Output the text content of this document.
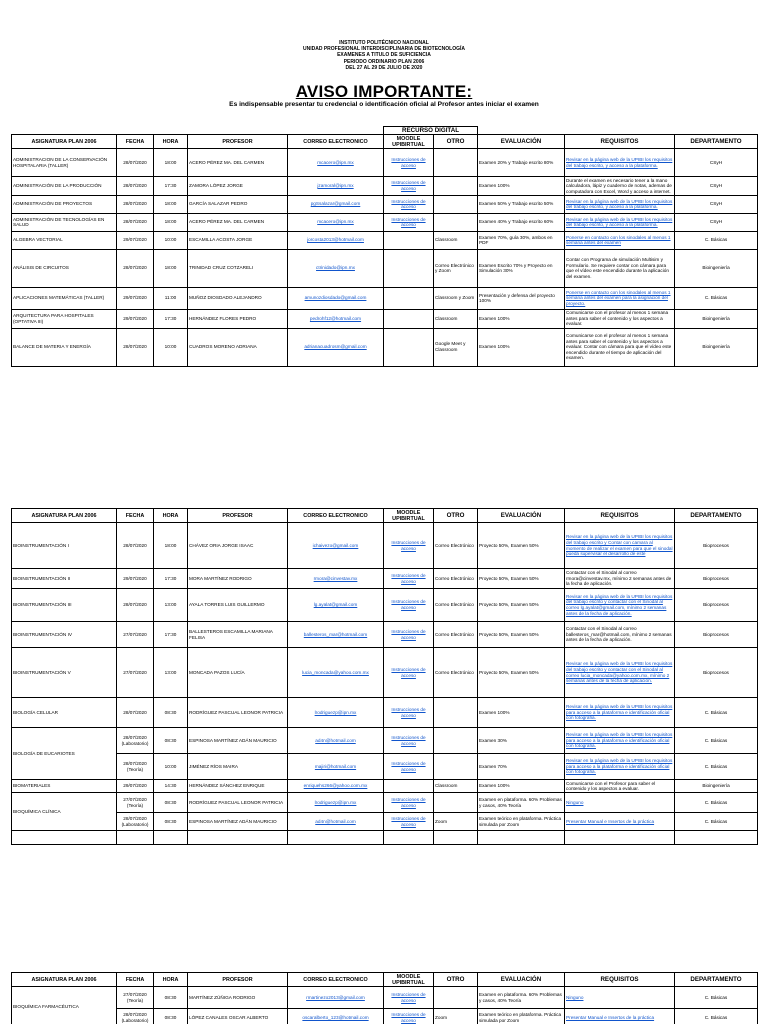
INSTITUTO POLITÉCNICO NACIONAL
UNIDAD PROFESIONAL INTERDISCIPLINARIA DE BIOTECNOLOGÍA
EXAMENES A TITULO DE SUFICIENCIA
PERIODO ORDINARIO PLAN 2006
DEL 27 AL 29 DE JULIO DE 2020
AVISO IMPORTANTE:
Es indispensable presentar tu credencial o identificación oficial al Profesor antes iniciar el examen
					RECURSO DIGITAL				
ASIGNATURA PLAN 2006	FECHA	HORA	PROFESOR	CORREO ELECTRONICO	MOODLE UPIBIRTUAL	OTRO	EVALUACIÓN	REQUISITOS	DEPARTAMENTO
ADMINISTRACION DE LA CONSERVACIÓN HOSPITALARIA (TALLER)	28/07/2020	18:00	ACERO PÉREZ MA. DEL CARMEN	mcacero@ipn.mx	Instrucciones de acceso		Examen 20% y Trabajo escrito 80%	Revisar en la página web de la UPIBI los requisitos del trabajo escrito, y acceso a la plataforma.	CSyH
ADMINISTRACIÓN DE LA PRODUCCIÓN	28/07/2020	17:30	ZAMORA LÓPEZ JORGE	jzamoral@ipn.mx	Instrucciones de acceso		Examen 100%	Durante el examen es necesario tener a la mano calculadora, lápiz y cuaderno de notas, ademas de computadora con Excel, Word y acceso a internet.	CSyH
ADMINISTRACIÓN DE PROYECTOS	28/07/2020	18:00	GARCÍA SALAZAR PEDRO	pgSsalazar@gmail.com	Instrucciones de acceso		Examen 50% y Trabajo escrito 50%	Revisar en la página web de la UPIBI los requisitos del trabajo escrito, y acceso a la plataforma.	CSyH
ADMINISTRACIÓN DE TECNOLOGÍAS EN SALUD	28/07/2020	18:00	ACERO PÉREZ MA. DEL CARMEN	mcacero@ipn.mx	Instrucciones de acceso		Examen 40% y Trabajo escrito 60%	Revisar en la página web de la UPIBI los requisitos del trabajo escrito, y acceso a la plataforma.	CSyH
ALGEBRA VECTORIAL	29/07/2020	10:00	ESCAMILLA ACOSTA JORGE	jorcosta2013@hotmail.com		Classroom	Examen 70%, guía 30%, ambos en PDF	Ponerse en contacto con los sinodales al menos 1 semana antes del examen	C. Básicas
ANÁLISIS DE CIRCUITOS	28/07/2020	18:00	TRINIDAD CRUZ COTZARELI	ctrinidado@ipn.mx		Correo Electrónico y Zoom	Examen Escrito 70% y Proyecto en Simulación 30%	Contar con Programa de simulación Multisim y Formulario. Se requiere contar con cámara para que el vídeo este encendido durante la aplicación del examen.	Bioingeniería
APLICACIONES MATEMÁTICAS (TALLER)	29/07/2020	11:00	MUÑOZ DIOSDADO ALEJANDRO	amunozdiosdado@gmail.com		Classroom y Zoom	Presentación y defensa del proyecto 100%	Ponerse en contacto con los sinodales al menos 1 semana antes del examen para la asignación del proyecto.	C. Básicas
ARQUITECTURA PARA HOSPITALES (OPTATIVA III)	29/07/2020	17:30	HERNÁNDEZ FLORES PEDRO	pedrohf12@hotmail.com		Classroom	Examen 100%	Comunicarse con el profesor al menos 1 semana antes para saber el contenido y los aspectos a evaluar.	Bioingeniería
BALANCE DE MATERIA Y ENERGÍA	28/07/2020	10:00	CUADROS MORENO ADRIANA	adrianacuadrosm@gmail.com		Google Meet y Classroom	Examen 100%	Comunicarse con el profesor al menos 1 semana antes para saber el contenido y los aspectos a evaluar. Contar con cámara para que el vídeo este encendido durante el tiempo de aplicación del examen.	Bioingeniería
ASIGNATURA PLAN 2006	FECHA	HORA	PROFESOR	CORREO ELECTRONICO	MOODLE UPIBIRTUAL	OTRO	EVALUACIÓN	REQUISITOS	DEPARTAMENTO
BIOINSTRUMENTACIÓN I	28/07/2020	18:00	CHÁVEZ ORIA JORGE ISAAC	ichaivezo@gmail.com	Instrucciones de acceso	Correo Electrónico	Proyecto 50%, Examen 50%	Revisar en la página web de la UPIBI los requisitos del trabajo escrito y Contar con camara al momento de realizar el examen para que el sinodal pueda supervisar el desarrollo de este	Bioprocesos
BIOINSTRUMENTACIÓN II	29/07/2020	17:30	MORA MARTÍNEZ RODRIGO	rmora@cinvestav.mx	Instrucciones de acceso	Correo Electrónico	Proyecto 50%, Examen 50%	Contactar con el Sinodal al correo rmora@cinvestav.mx, mínimo 2 semanas antes de la fecha de aplicación.	Bioprocesos
BIOINSTRUMENTACIÓN III	28/07/2020	13:00	AYALA TORRES LUIS GUILLERMO	lg.ayalat@gmail.com	Instrucciones de acceso	Correo Electrónico	Proyecto 50%, Examen 50%	Revisar en la página web de la UPIBI los requisitos del trabajo escrito y contactar con el Sinodal al correo lg.ayalat@gmail.com, mínimo 2 semanas antes de la fecha de aplicación.	Bioprocesos
BIOINSTRUMENTACIÓN IV	27/07/2020	17:30	BALLESTEROS ESCAMILLA MARIANA FELISA	ballesteros_mar@hotmail.com	Instrucciones de acceso	Correo Electrónico	Proyecto 50%, Examen 50%	Contactar con el Sinodal al correo ballesteros_mar@hotmail.com, mínimo 2 semanas antes de la fecha de aplicación.	Bioprocesos
BIOINSTRUMENTACIÓN V	27/07/2020	13:00	MONCADA PAZOS LUCÍA	lucia_moncada@yahoo.com.mx	Instrucciones de acceso	Correo Electrónico	Proyecto 50%, Examen 50%	Revisar en la página web de la UPIBI los requisitos del trabajo escrito y contactar con el Sinodal al correo lucia_moncada@yahoo.com.mx, mínimo 2 semanas antes de la fecha de aplicación.	Bioprocesos
BIOLOGÍA CELULAR	28/07/2020	08:30	RODRÍGUEZ PASCUAL LEONOR PATRICIA	lrodriguezp@ipn.mx	Instrucciones de acceso		Examen 100%	Revisar en la página web de la UPIBI los requisitos para acceso a la plataforma e identificación oficial con fotografía.	C. Básicas
BIOLOGÍA DE EUCARIOTES	28/07/2020 (Laboratorio)	08:30	ESPINOSA MARTÍNEZ ADÁN MAURICIO	ad4n@hotmail.com	Instrucciones de acceso		Examen 30%	Revisar en la página web de la UPIBI los requisitos para acceso a la plataforma e identificación oficial con fotografía.	C. Básicas
	28/07/2020 (Teoría)	10:00	JIMÉNEZ RÍOS MAIRA	majiri@hotmail.com	Instrucciones de acceso		Examen 70%	Revisar en la página web de la UPIBI los requisitos para acceso a la plataforma e identificación oficial con fotografía.	C. Básicas
BIOMATERIALES	29/07/2020	14:30	HERNÁNDEZ SÁNCHEZ ENRIQUE	enriquehs266@yahoo.com.mx		Classroom	Examen 100%	Comunicarse con el Profesor para saber el contenido y los aspectos a evaluar.	Bioingeniería
BIOQUÍMICA CLÍNICA	27/07/2020 (Teoría)	08:30	RODRÍGUEZ PASCUAL LEONOR PATRICIA	lrodriguezp@ipn.mx	Instrucciones de acceso		Examen en plataforma. 60% Problemas y casos, 40% Teoría	Ninguno	C. Básicas
	28/07/2020 (Laboratorio)	08:30	ESPINOSA MARTÍNEZ ADÁN MAURICIO	ad4n@hotmail.com	Instrucciones de acceso	Zoom	Examen teórico en plataforma. Práctica simulada por Zoom	Presentar Manual e Insertos de la práctica	C. Básicas

ASIGNATURA PLAN 2006	FECHA	HORA	PROFESOR	CORREO ELECTRONICO	MOODLE UPIBIRTUAL	OTRO	EVALUACIÓN	REQUISITOS	DEPARTAMENTO
BIOQUÍMICA FARMACÉUTICA	27/07/2020 (Teoría)	08:30	MARTÍNEZ ZÚÑIGA RODRIGO	rmartinezo2013@gmail.com	Instrucciones de acceso		Examen en plataforma. 60% Problemas y casos, 40% Teoría	Ninguno	C. Básicas
	28/07/2020 (Laboratorio)	08:30	LÓPEZ CANALES OSCAR ALBERTO	oscaralberto_123@hotmail.com	Instrucciones de acceso	Zoom	Examen teórico en plataforma. Práctica simulada por Zoom	Presentar Manual e Insertos de la práctica	C. Básicas
